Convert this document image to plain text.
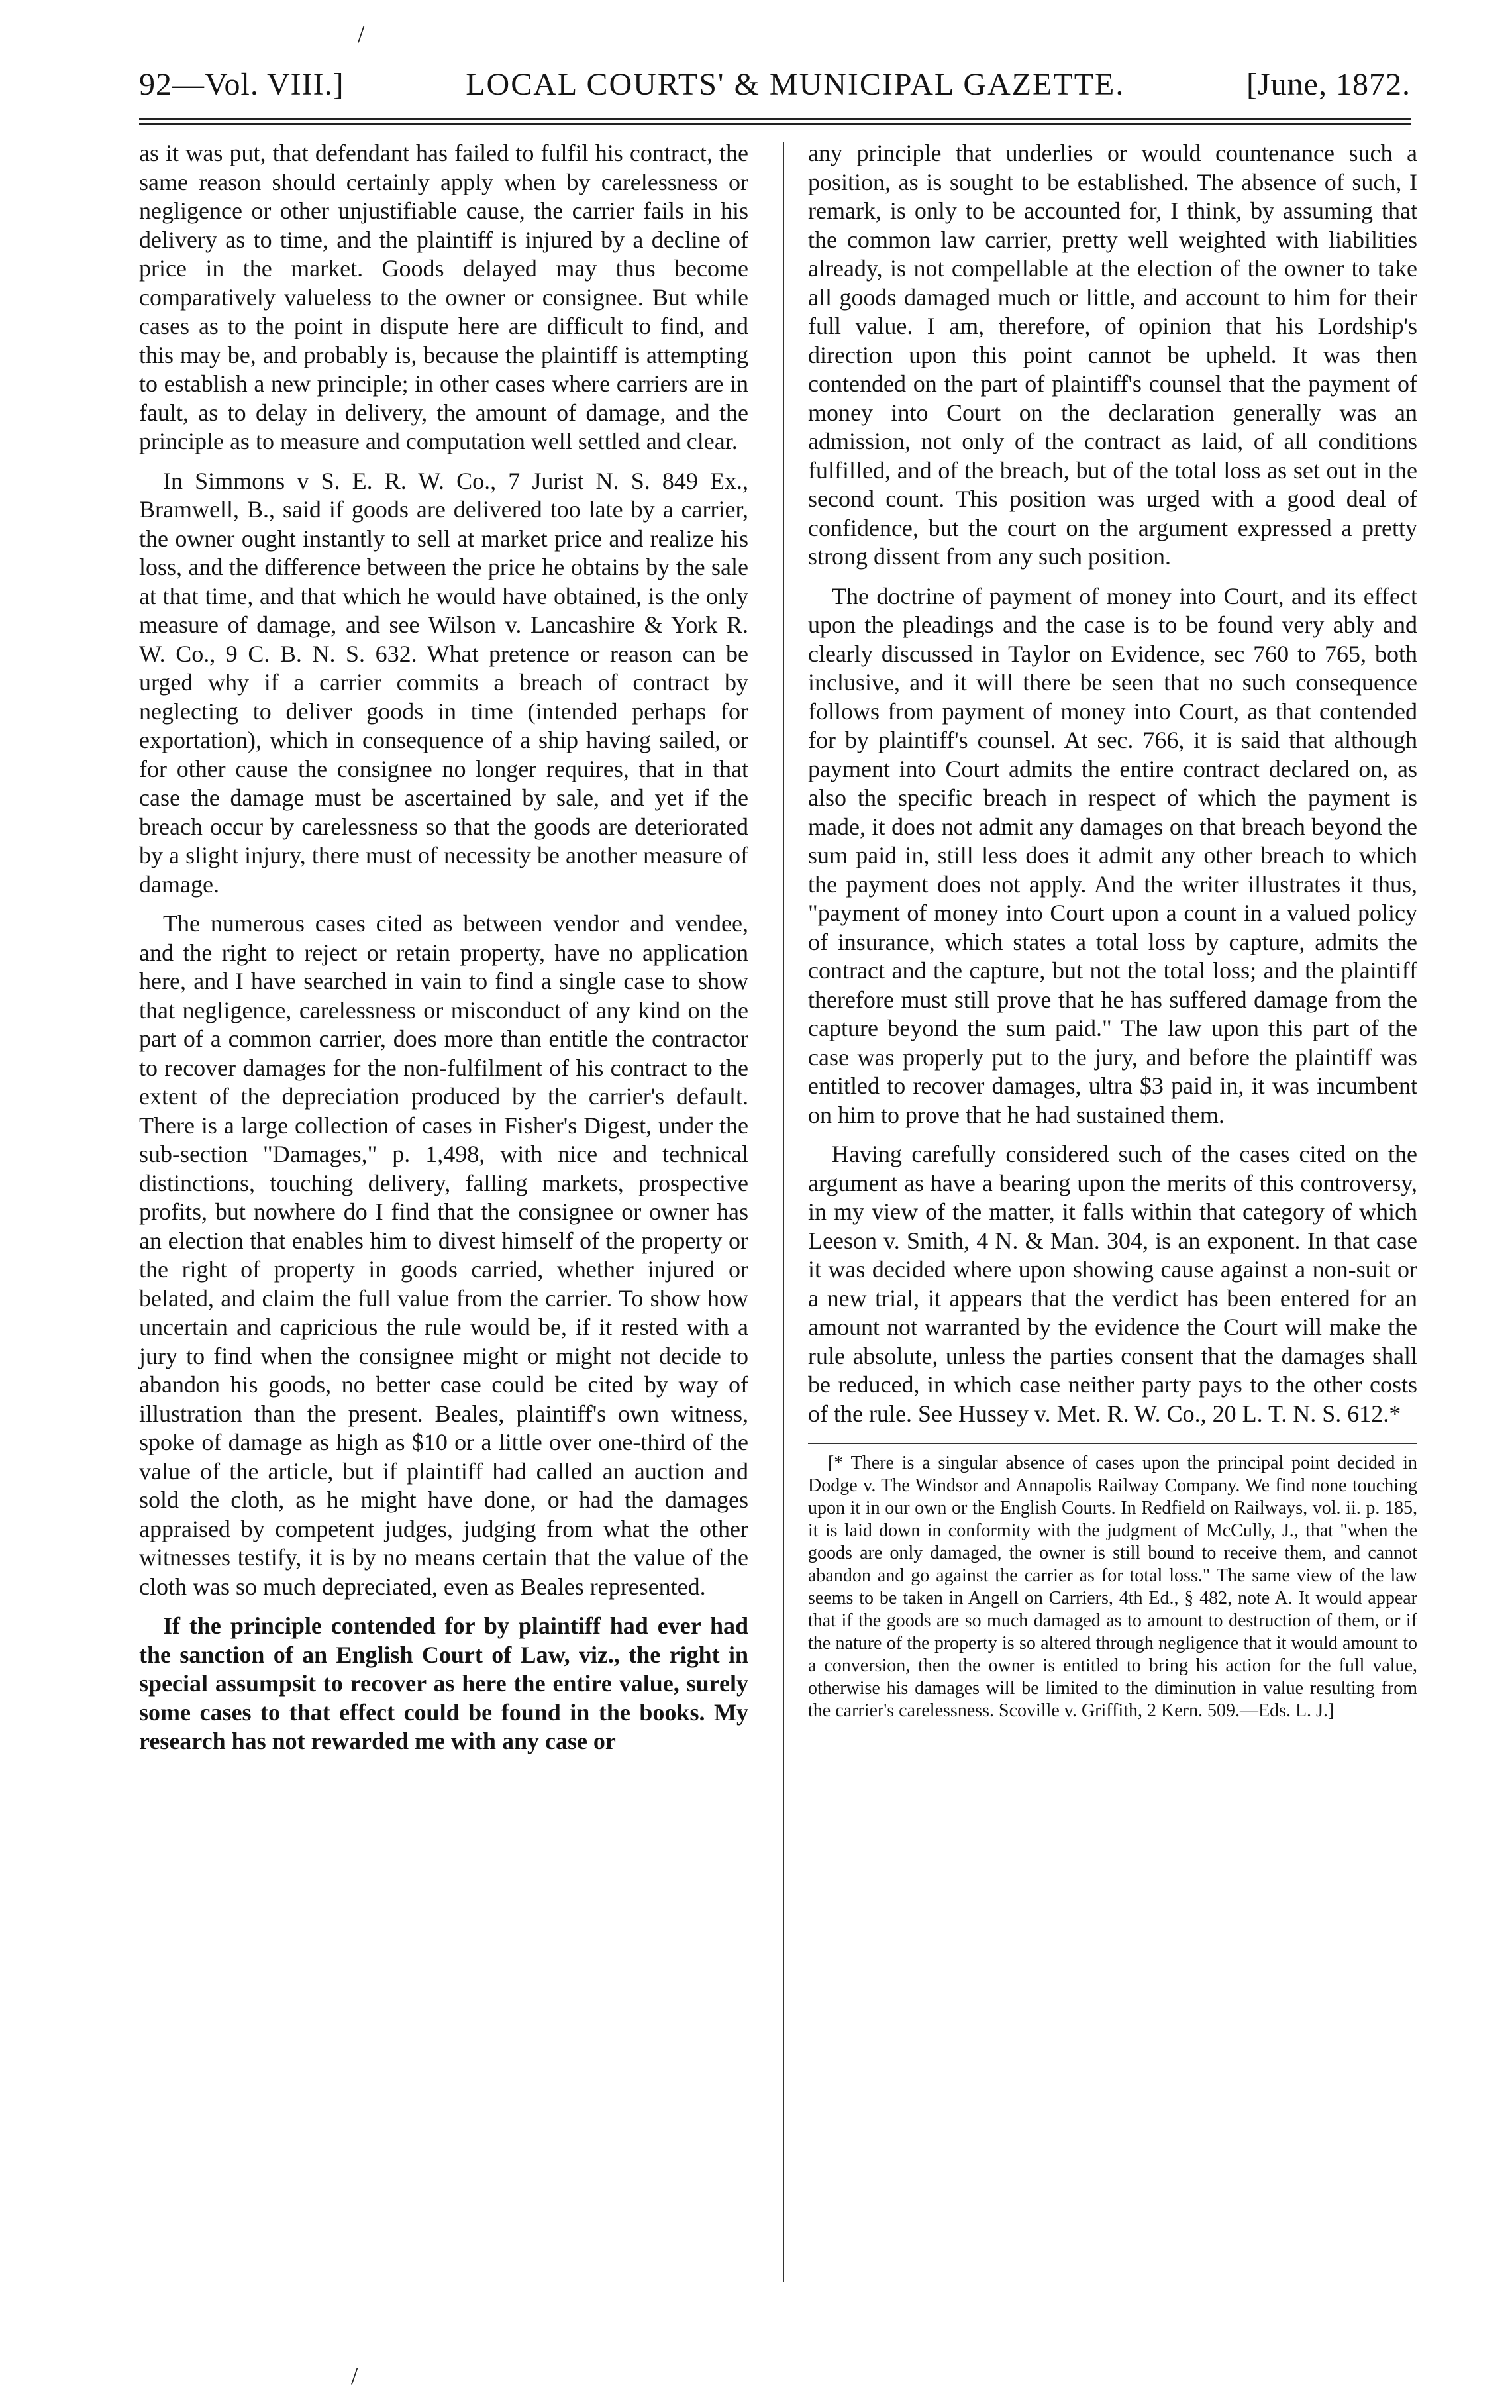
/
92—Vol. VIII.]	LOCAL COURTS' & MUNICIPAL GAZETTE.	[June, 1872.

as it was put, that defendant has failed to fulfil his contract, the same reason should certainly apply when by carelessness or negligence or other unjustifiable cause, the carrier fails in his delivery as to time, and the plaintiff is injured by a decline of price in the market. Goods delayed may thus become comparatively valueless to the owner or consignee. But while cases as to the point in dispute here are difficult to find, and this may be, and probably is, because the plaintiff is attempting to establish a new principle; in other cases where carriers are in fault, as to delay in delivery, the amount of damage, and the principle as to measure and computation well settled and clear.

In Simmons v S. E. R. W. Co., 7 Jurist N. S. 849 Ex., Bramwell, B., said if goods are delivered too late by a carrier, the owner ought instantly to sell at market price and realize his loss, and the difference between the price he obtains by the sale at that time, and that which he would have obtained, is the only measure of damage, and see Wilson v. Lancashire & York R. W. Co., 9 C. B. N. S. 632. What pretence or reason can be urged why if a carrier commits a breach of contract by neglecting to deliver goods in time (intended perhaps for exportation), which in consequence of a ship having sailed, or for other cause the consignee no longer requires, that in that case the damage must be ascertained by sale, and yet if the breach occur by carelessness so that the goods are deteriorated by a slight injury, there must of necessity be another measure of damage.

The numerous cases cited as between vendor and vendee, and the right to reject or retain property, have no application here, and I have searched in vain to find a single case to show that negligence, carelessness or misconduct of any kind on the part of a common carrier, does more than entitle the contractor to recover damages for the non-fulfilment of his contract to the extent of the depreciation produced by the carrier's default. There is a large collection of cases in Fisher's Digest, under the sub-section "Damages," p. 1,498, with nice and technical distinctions, touching delivery, falling markets, prospective profits, but nowhere do I find that the consignee or owner has an election that enables him to divest himself of the property or the right of property in goods carried, whether injured or belated, and claim the full value from the carrier. To show how uncertain and capricious the rule would be, if it rested with a jury to find when the consignee might or might not decide to abandon his goods, no better case could be cited by way of illustration than the present. Beales, plaintiff's own witness, spoke of damage as high as $10 or a little over one-third of the value of the article, but if plaintiff had called an auction and sold the cloth, as he might have done, or had the damages appraised by competent judges, judging from what the other witnesses testify, it is by no means certain that the value of the cloth was so much depreciated, even as Beales represented.

If the principle contended for by plaintiff had ever had the sanction of an English Court of Law, viz., the right in special assumpsit to recover as here the entire value, surely some cases to that effect could be found in the books. My research has not rewarded me with any case or

any principle that underlies or would countenance such a position, as is sought to be established. The absence of such, I remark, is only to be accounted for, I think, by assuming that the common law carrier, pretty well weighted with liabilities already, is not compellable at the election of the owner to take all goods damaged much or little, and account to him for their full value. I am, therefore, of opinion that his Lordship's direction upon this point cannot be upheld. It was then contended on the part of plaintiff's counsel that the payment of money into Court on the declaration generally was an admission, not only of the contract as laid, of all conditions fulfilled, and of the breach, but of the total loss as set out in the second count. This position was urged with a good deal of confidence, but the court on the argument expressed a pretty strong dissent from any such position.

The doctrine of payment of money into Court, and its effect upon the pleadings and the case is to be found very ably and clearly discussed in Taylor on Evidence, sec 760 to 765, both inclusive, and it will there be seen that no such consequence follows from payment of money into Court, as that contended for by plaintiff's counsel. At sec. 766, it is said that although payment into Court admits the entire contract declared on, as also the specific breach in respect of which the payment is made, it does not admit any damages on that breach beyond the sum paid in, still less does it admit any other breach to which the payment does not apply. And the writer illustrates it thus, "payment of money into Court upon a count in a valued policy of insurance, which states a total loss by capture, admits the contract and the capture, but not the total loss; and the plaintiff therefore must still prove that he has suffered damage from the capture beyond the sum paid." The law upon this part of the case was properly put to the jury, and before the plaintiff was entitled to recover damages, ultra $3 paid in, it was incumbent on him to prove that he had sustained them.

Having carefully considered such of the cases cited on the argument as have a bearing upon the merits of this controversy, in my view of the matter, it falls within that category of which Leeson v. Smith, 4 N. & Man. 304, is an exponent. In that case it was decided where upon showing cause against a non-suit or a new trial, it appears that the verdict has been entered for an amount not warranted by the evidence the Court will make the rule absolute, unless the parties consent that the damages shall be reduced, in which case neither party pays to the other costs of the rule. See Hussey v. Met. R. W. Co., 20 L. T. N. S. 612.*

[* There is a singular absence of cases upon the principal point decided in Dodge v. The Windsor and Annapolis Railway Company. We find none touching upon it in our own or the English Courts. In Redfield on Railways, vol. ii. p. 185, it is laid down in conformity with the judgment of McCully, J., that "when the goods are only damaged, the owner is still bound to receive them, and cannot abandon and go against the carrier as for total loss." The same view of the law seems to be taken in Angell on Carriers, 4th Ed., § 482, note A. It would appear that if the goods are so much damaged as to amount to destruction of them, or if the nature of the property is so altered through negligence that it would amount to a conversion, then the owner is entitled to bring his action for the full value, otherwise his damages will be limited to the diminution in value resulting from the carrier's carelessness. Scoville v. Griffith, 2 Kern. 509.—Eds. L. J.]

/
